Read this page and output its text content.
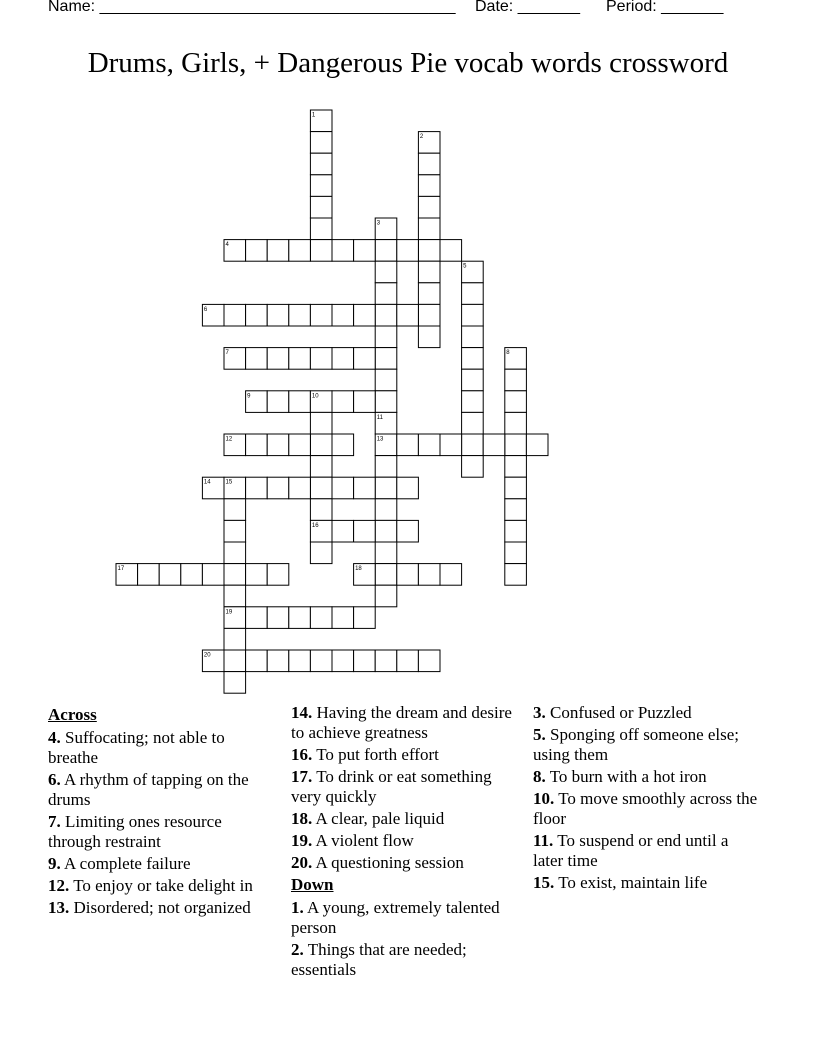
Name: ________________________________________ Date: _______ Period: _______
Drums, Girls, + Dangerous Pie vocab words crossword
1
2
3
4
5
6
7	8
9	10
11
12	13
14 15
16
17	18
19
20
Across
4. Suffocating; not able to breathe
6. A rhythm of tapping on the drums
7. Limiting ones resource through restraint
9. A complete failure
12. To enjoy or take delight in
13. Disordered; not organized
14. Having the dream and desire to achieve greatness
16. To put forth effort
17. To drink or eat something very quickly
18. A clear, pale liquid
19. A violent flow
20. A questioning session
Down
1. A young, extremely talented person
2. Things that are needed; essentials
3. Confused or Puzzled
5. Sponging off someone else; using them
8. To burn with a hot iron
10. To move smoothly across the floor
11. To suspend or end until a later time
15. To exist, maintain life
